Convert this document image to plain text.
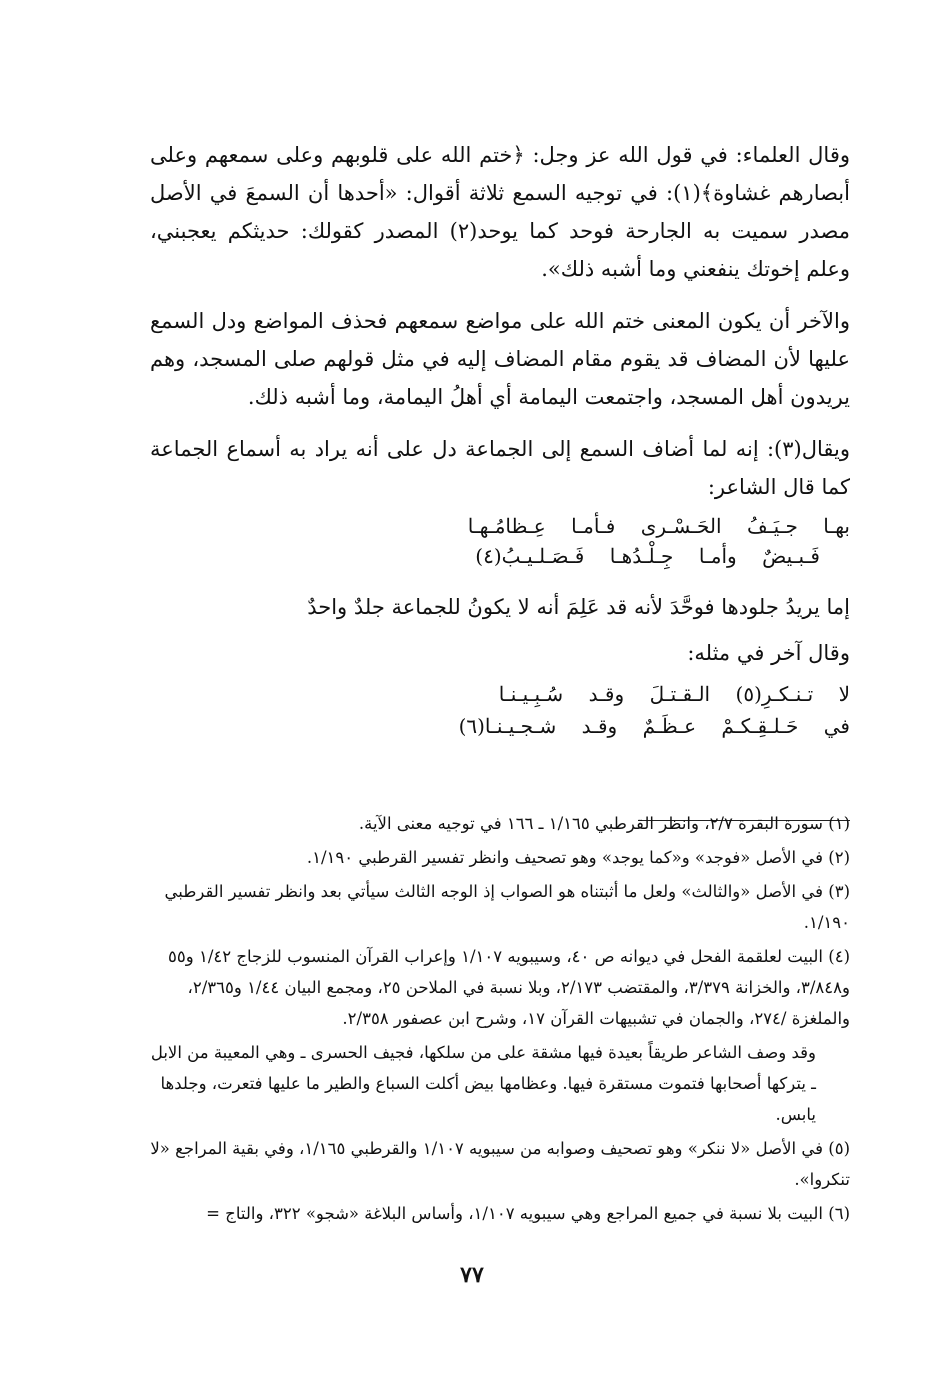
وقال العلماء: في قول الله عز وجل: ﴿ختم الله على قلوبهم وعلى سمعهم وعلى أبصارهم غشاوة﴾(١): في توجيه السمع ثلاثة أقوال: «أحدها أن السمعَ في الأصل مصدر سميت به الجارحة فوحد كما يوحد(٢) المصدر كقولك: حديثكم يعجبني، وعلم إخوتك ينفعني وما أشبه ذلك».

والآخر أن يكون المعنى ختم الله على مواضع سمعهم فحذف المواضع ودل السمع عليها لأن المضاف قد يقوم مقام المضاف إليه في مثل قولهم صلى المسجد، وهم يريدون أهل المسجد، واجتمعت اليمامة أي أهلُ اليمامة، وما أشبه ذلك.

ويقال(٣): إنه لما أضاف السمع إلى الجماعة دل على أنه يراد به أسماع الجماعة كما قال الشاعر:

بهـا    جـيَـفُ    الحَـسْـرى    فـأمـا    عِـظامُـهـا
فَـبـيضٌ    وأمـا    جِـلْـدُهـا    فَـصَـلـيـبُ(٤)

إما يريدُ جلودها فوحَّدَ لأنه قد عَلِمَ أنه لا يكونُ للجماعة جلدٌ واحدٌ

وقال آخر في مثله:

لا    تـنـكـرِ(٥)    الـقـتـلَ    وقـد    سُـبِـيـنـا
في    حَـلـقِـكـمْ    عـظَـمٌ    وقـد    شـجـيـنـا(٦)

(١) سورة البقرة ٢/٧، وانظر القرطبي ١/١٦٥ ـ ١٦٦ في توجيه معنى الآية.

(٢) في الأصل «فوجد» و«كما يوجد» وهو تصحيف وانظر تفسير القرطبي ١/١٩٠.

(٣) في الأصل «والثالث» ولعل ما أثبتناه هو الصواب إذ الوجه الثالث سيأتي بعد وانظر تفسير القرطبي ١/١٩٠.

(٤) البيت لعلقمة الفحل في ديوانه ص ٤٠، وسيبويه ١/١٠٧ وإعراب القرآن المنسوب للزجاج ١/٤٢ و٥٥ و٣/٨٤٨، والخزانة ٣/٣٧٩، والمقتضب ٢/١٧٣، وبلا نسبة في الملاحن ٢٥، ومجمع البيان ١/٤٤ و٢/٣٦٥، والملغزة /٢٧٤، والجمان في تشبيهات القرآن ١٧، وشرح ابن عصفور ٢/٣٥٨.

وقد وصف الشاعر طريقاً بعيدة فيها مشقة على من سلكها، فجيف الحسرى ـ وهي المعيبة من الابل ـ يتركها أصحابها فتموت مستقرة فيها. وعظامها بيض أكلت السباع والطير ما عليها فتعرت، وجلدها يابس.

(٥) في الأصل «لا ننكر» وهو تصحيف وصوابه من سيبويه ١/١٠٧ والقرطبي ١/١٦٥، وفي بقية المراجع «لا تنكروا».

(٦) البيت بلا نسبة في جميع المراجع وهي سيبويه ١/١٠٧، وأساس البلاغة «شجو» ٣٢٢، والتاج =

٧٧
